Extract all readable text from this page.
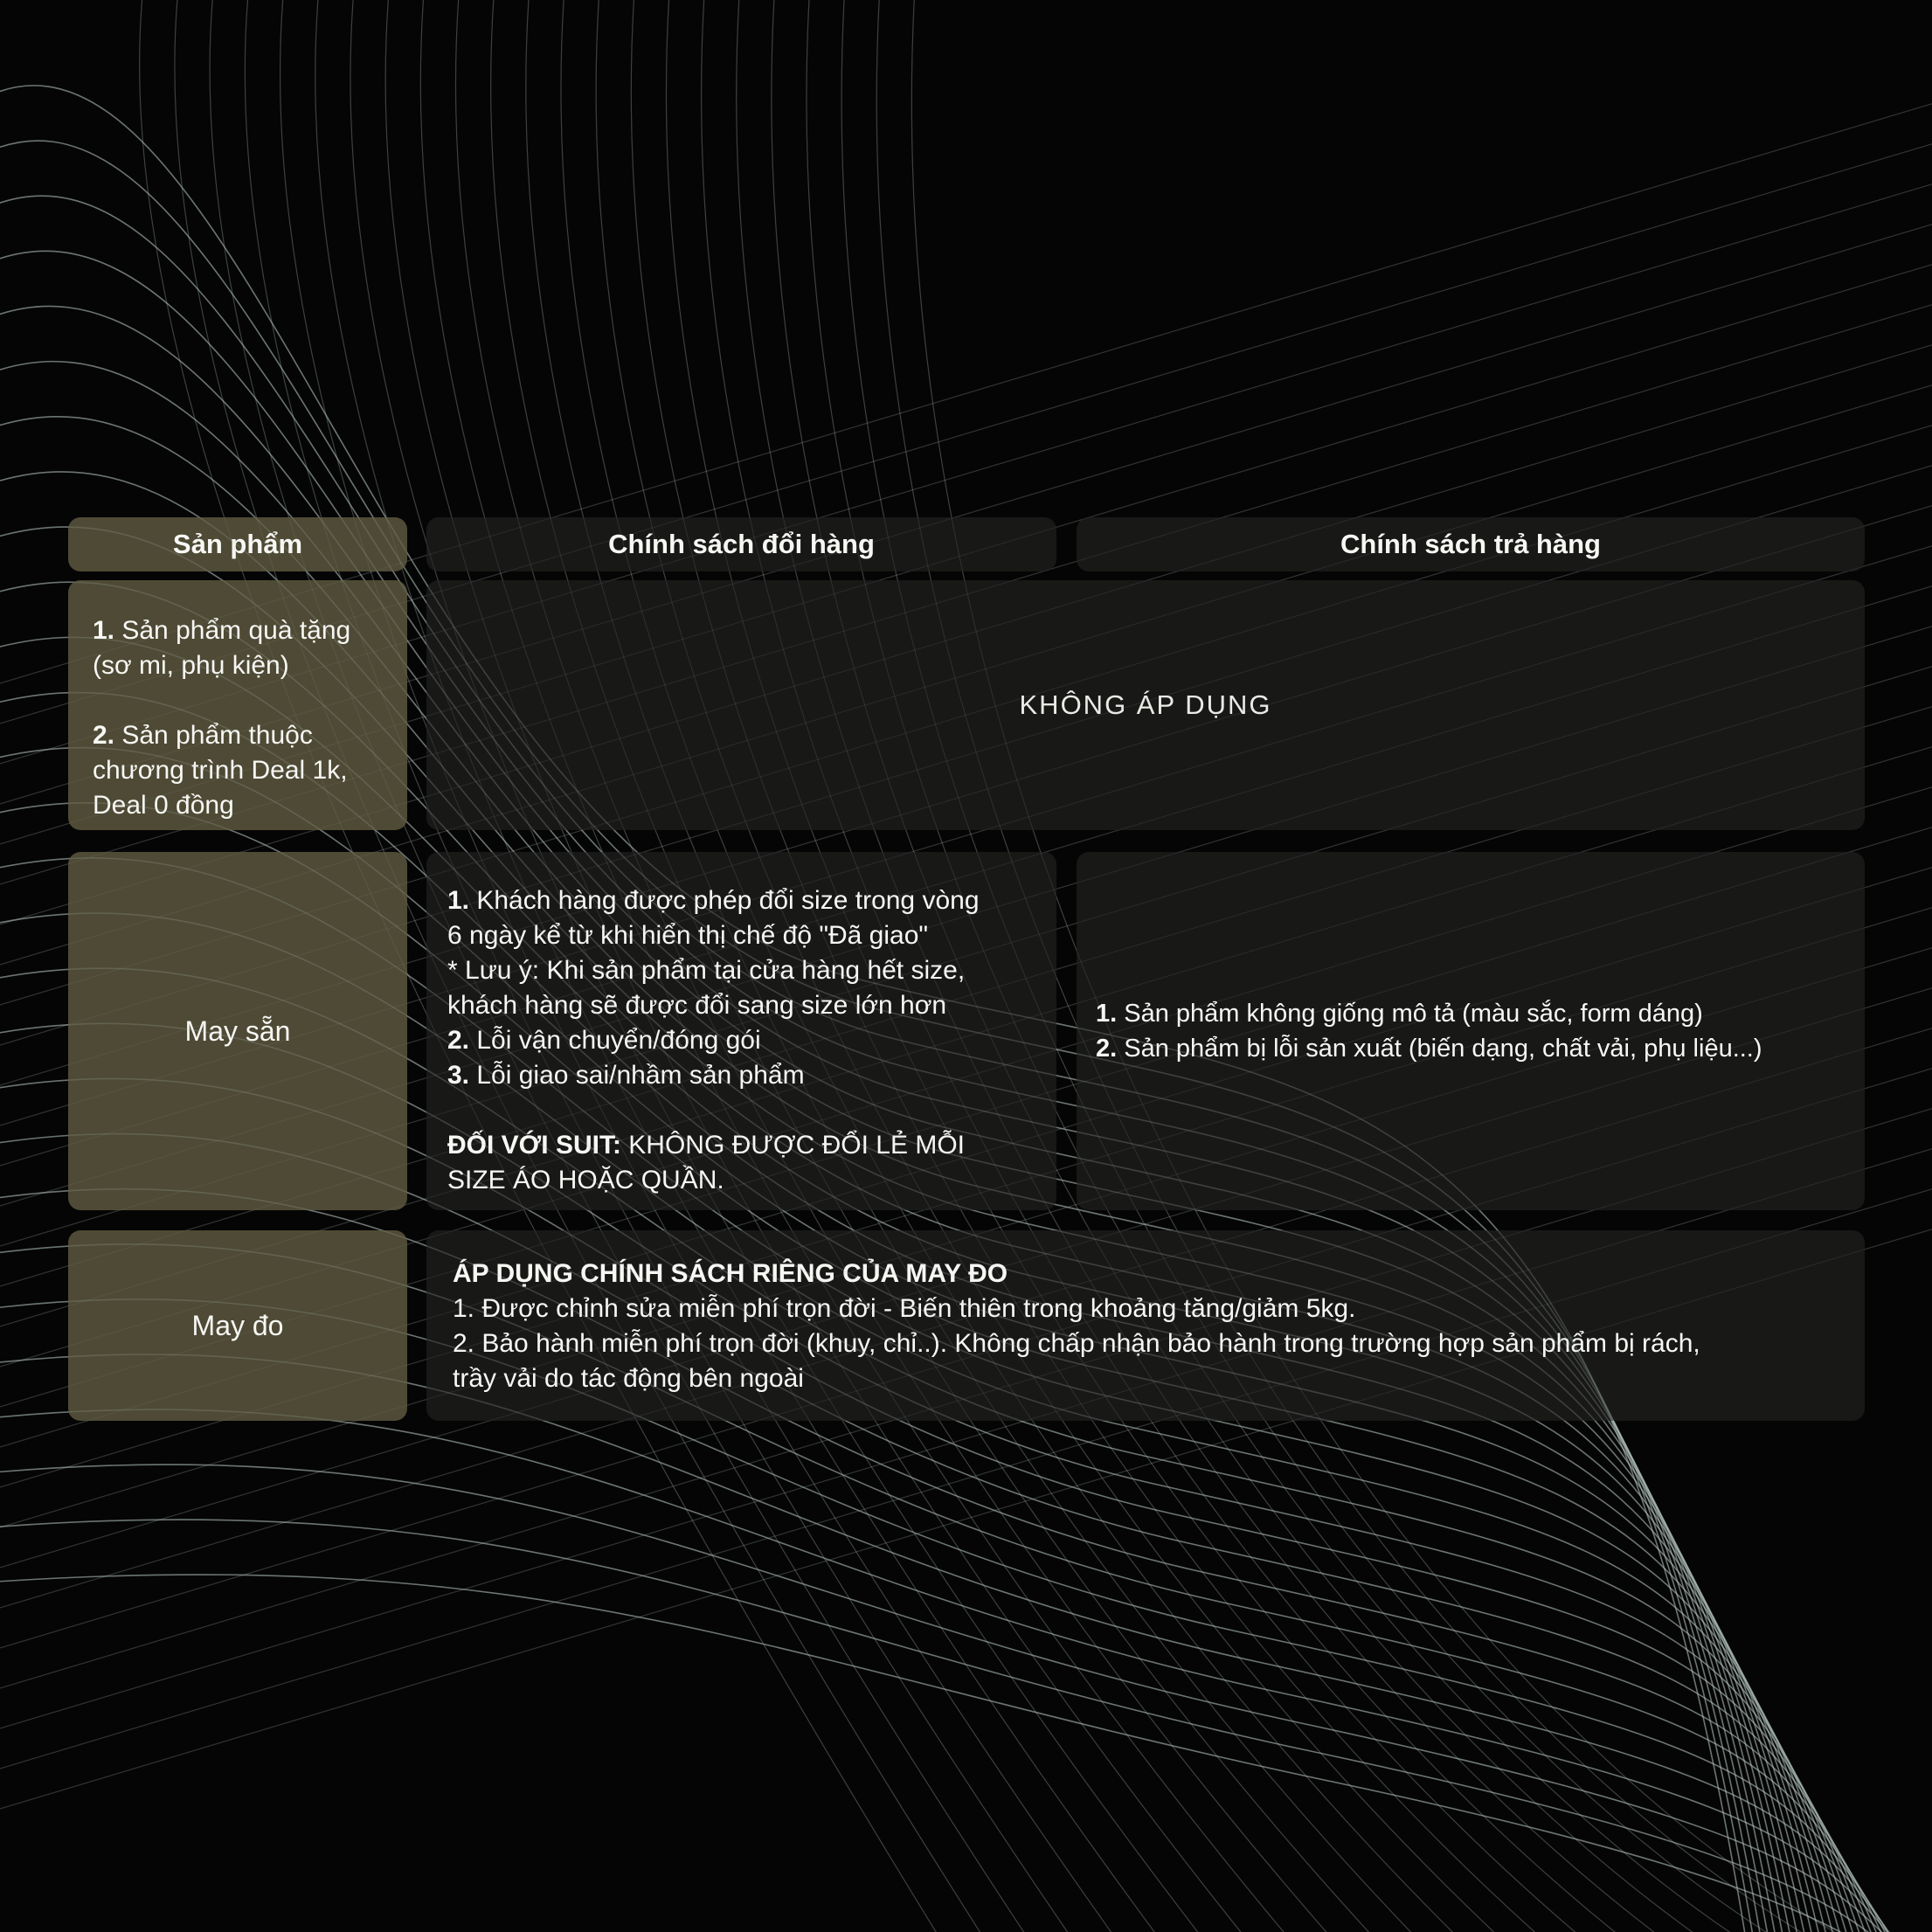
Sản phẩm	Chính sách đổi hàng	Chính sách trả hàng
1. Sản phẩm quà tặng
(sơ mi, phụ kiện)
2. Sản phẩm thuộc
chương trình Deal 1k,
Deal 0 đồng
KHÔNG ÁP DỤNG
May sẵn
1. Khách hàng được phép đổi size trong vòng
6 ngày kể từ khi hiển thị chế độ "Đã giao"
* Lưu ý: Khi sản phẩm tại cửa hàng hết size,
khách hàng sẽ được đổi sang size lớn hơn
2. Lỗi vận chuyển/đóng gói
3. Lỗi giao sai/nhầm sản phẩm
ĐỐI VỚI SUIT: KHÔNG ĐƯỢC ĐỔI LẺ MỖI
SIZE ÁO HOẶC QUẦN.
1. Sản phẩm không giống mô tả (màu sắc, form dáng)
2. Sản phẩm bị lỗi sản xuất (biến dạng, chất vải, phụ liệu...)
May đo
ÁP DỤNG CHÍNH SÁCH RIÊNG CỦA MAY ĐO
1. Được chỉnh sửa miễn phí trọn đời - Biến thiên trong khoảng tăng/giảm 5kg.
2. Bảo hành miễn phí trọn đời (khuy, chỉ..). Không chấp nhận bảo hành trong trường hợp sản phẩm bị rách,
trầy vải do tác động bên ngoài
